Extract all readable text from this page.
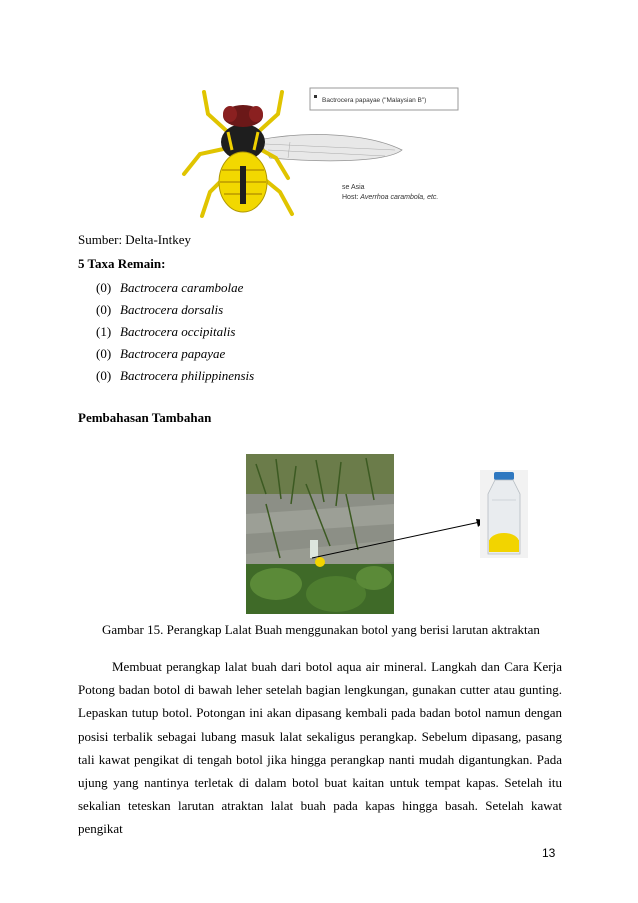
Bactrocera papayae ("Malaysian B")
se Asia
Host: Averrhoa carambola, etc.
Sumber: Delta-Intkey
5 Taxa Remain:
(0) Bactrocera carambolae
(0) Bactrocera dorsalis
(1) Bactrocera occipitalis
(0) Bactrocera papayae
(0) Bactrocera philippinensis
Pembahasan Tambahan
Gambar 15. Perangkap Lalat Buah menggunakan botol yang berisi larutan aktraktan
Membuat perangkap lalat buah dari botol aqua air mineral. Langkah dan Cara Kerja Potong badan botol di bawah leher setelah bagian lengkungan, gunakan cutter atau gunting. Lepaskan tutup botol. Potongan ini akan dipasang kembali pada badan botol namun dengan posisi terbalik sebagai lubang masuk lalat sekaligus perangkap. Sebelum dipasang, pasang tali kawat pengikat di tengah botol jika hingga perangkap nanti mudah digantungkan. Pada ujung yang nantinya terletak di dalam botol buat kaitan untuk tempat kapas. Setelah itu sekalian teteskan larutan atraktan lalat buah pada kapas hingga basah. Setelah kawat pengikat
13
